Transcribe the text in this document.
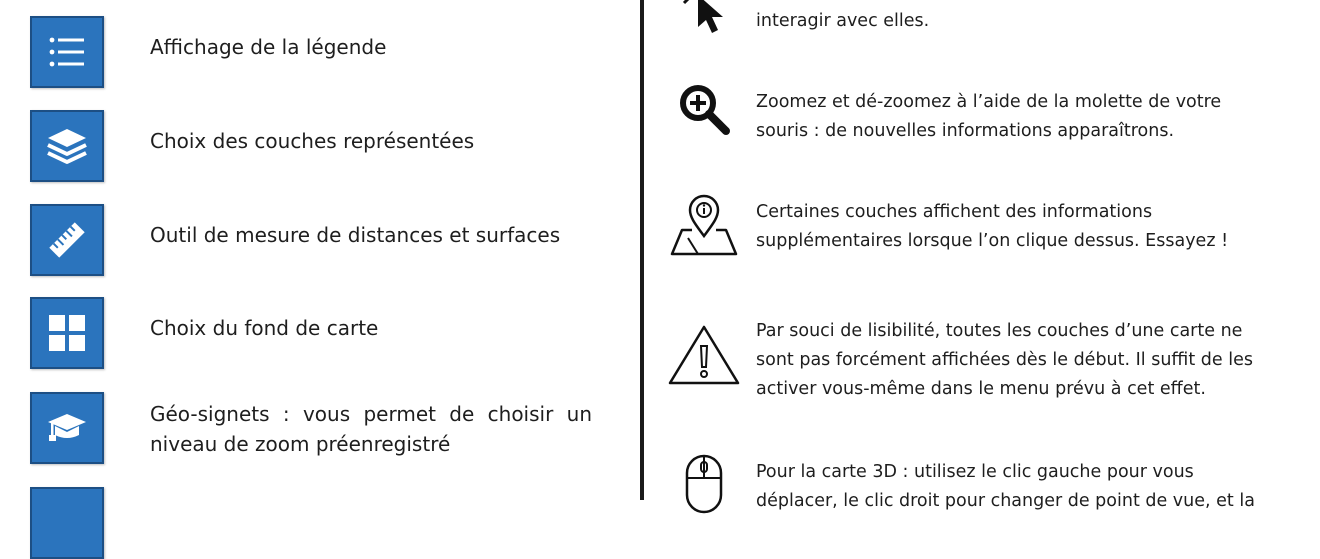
Affichage de la légende
Choix des couches représentées
Outil de mesure de distances et surfaces
Choix du fond de carte
Géo-signets : vous permet de choisir un niveau de zoom préenregistré
interagir avec elles.
Zoomez et dé-zoomez à l’aide de la molette de votre
souris : de nouvelles informations apparaîtrons.
Certaines couches affichent des informations
supplémentaires lorsque l’on clique dessus. Essayez !
Par souci de lisibilité, toutes les couches d’une carte ne
sont pas forcément affichées dès le début. Il suffit de les
activer vous-même dans le menu prévu à cet effet.
Pour la carte 3D : utilisez le clic gauche pour vous
déplacer, le clic droit pour changer de point de vue, et la
